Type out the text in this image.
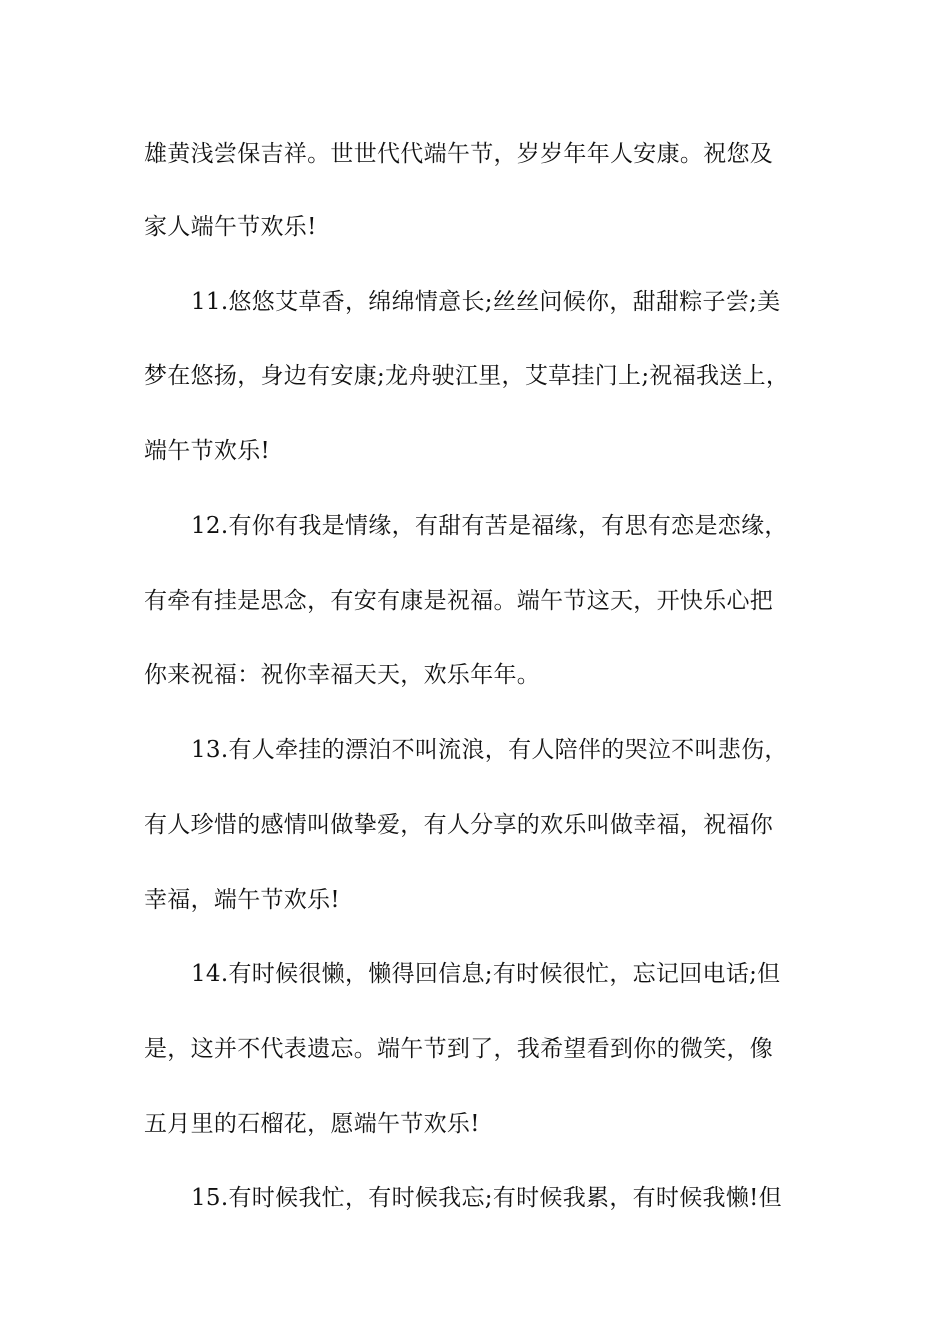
雄黄浅尝保吉祥。世世代代端午节，岁岁年年人安康。祝您及
家人端午节欢乐!
11.悠悠艾草香，绵绵情意长;丝丝问候你，甜甜粽子尝;美
梦在悠扬，身边有安康;龙舟驶江里，艾草挂门上;祝福我送上，
端午节欢乐!
12.有你有我是情缘，有甜有苦是福缘，有思有恋是恋缘，
有牵有挂是思念，有安有康是祝福。端午节这天，开快乐心把
你来祝福：祝你幸福天天，欢乐年年。
13.有人牵挂的漂泊不叫流浪，有人陪伴的哭泣不叫悲伤，
有人珍惜的感情叫做挚爱，有人分享的欢乐叫做幸福，祝福你
幸福，端午节欢乐!
14.有时候很懒，懒得回信息;有时候很忙，忘记回电话;但
是，这并不代表遗忘。端午节到了，我希望看到你的微笑，像
五月里的石榴花，愿端午节欢乐!
15.有时候我忙，有时候我忘;有时候我累，有时候我懒!但
